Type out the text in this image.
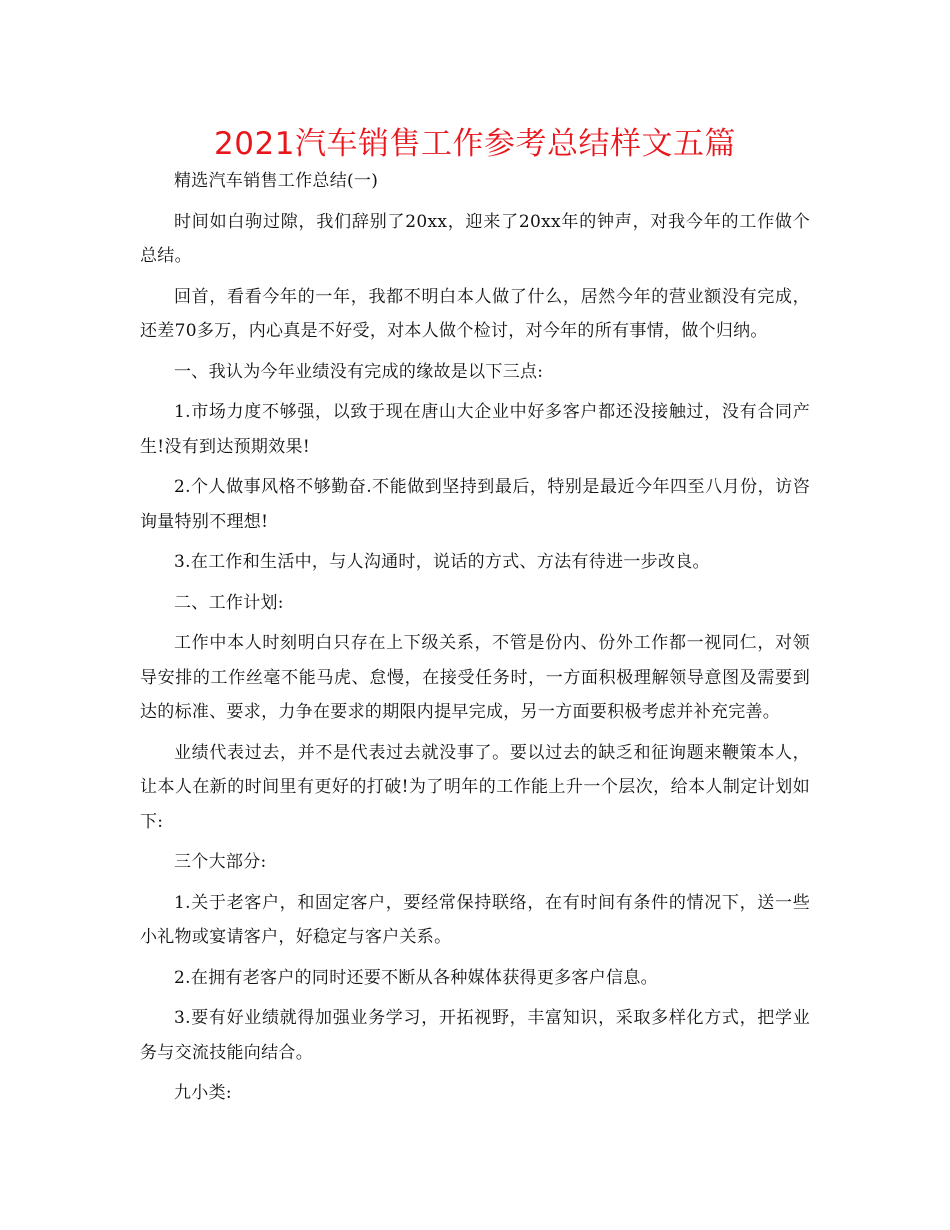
2021汽车销售工作参考总结样文五篇

精选汽车销售工作总结(一)

时间如白驹过隙，我们辞别了20xx，迎来了20xx年的钟声，对我今年的工作做个总结。

回首，看看今年的一年，我都不明白本人做了什么，居然今年的营业额没有完成，还差70多万，内心真是不好受，对本人做个检讨，对今年的所有事情，做个归纳。

一、我认为今年业绩没有完成的缘故是以下三点:

1.市场力度不够强，以致于现在唐山大企业中好多客户都还没接触过，没有合同产生!没有到达预期效果!

2.个人做事风格不够勤奋.不能做到坚持到最后，特别是最近今年四至八月份，访咨询量特别不理想!

3.在工作和生活中，与人沟通时，说话的方式、方法有待进一步改良。

二、工作计划:

工作中本人时刻明白只存在上下级关系，不管是份内、份外工作都一视同仁，对领导安排的工作丝毫不能马虎、怠慢，在接受任务时，一方面积极理解领导意图及需要到达的标准、要求，力争在要求的期限内提早完成，另一方面要积极考虑并补充完善。

业绩代表过去，并不是代表过去就没事了。要以过去的缺乏和征询题来鞭策本人，让本人在新的时间里有更好的打破!为了明年的工作能上升一个层次，给本人制定计划如下:

三个大部分:

1.关于老客户，和固定客户，要经常保持联络，在有时间有条件的情况下，送一些小礼物或宴请客户，好稳定与客户关系。

2.在拥有老客户的同时还要不断从各种媒体获得更多客户信息。

3.要有好业绩就得加强业务学习，开拓视野，丰富知识，采取多样化方式，把学业务与交流技能向结合。

九小类:
